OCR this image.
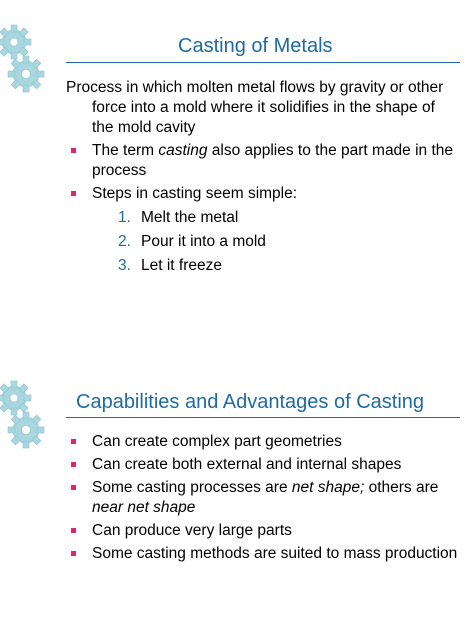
Casting of Metals

Process in which molten metal flows by gravity or other force into a mold where it solidifies in the shape of the mold cavity

The term casting also applies to the part made in the process
Steps in casting seem simple:
1. Melt the metal
2. Pour it into a mold
3. Let it freeze
Capabilities and Advantages of Casting
Can create complex part geometries
Can create both external and internal shapes
Some casting processes are net shape; others are near net shape
Can produce very large parts
Some casting methods are suited to mass production
